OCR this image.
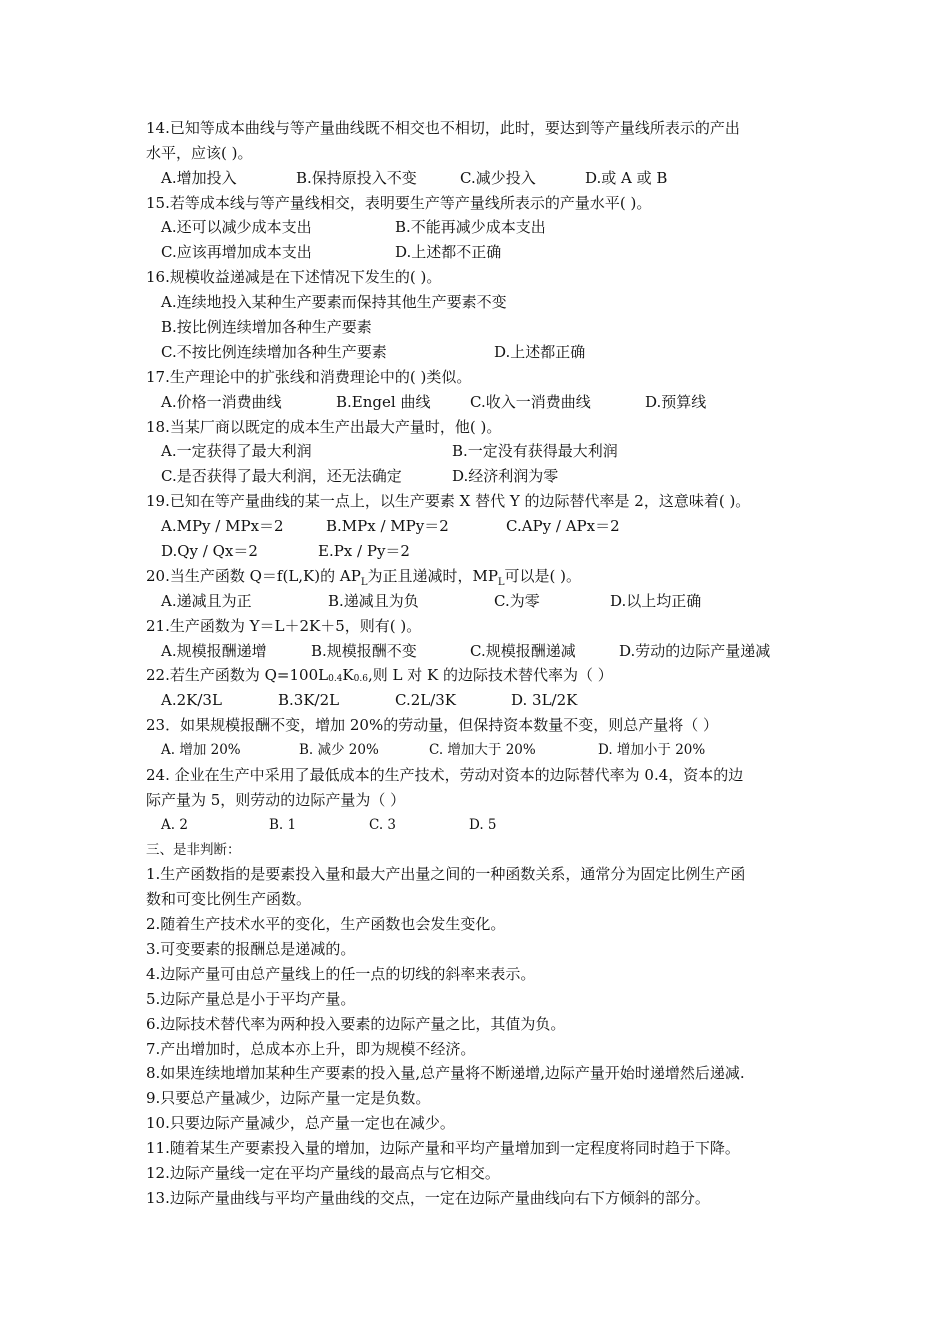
14.已知等成本曲线与等产量曲线既不相交也不相切，此时，要达到等产量线所表示的产出
水平，应该( )。
A.增加投入	B.保持原投入不变	C.减少投入	D.或 A 或 B
15.若等成本线与等产量线相交，表明要生产等产量线所表示的产量水平( )。
A.还可以减少成本支出	B.不能再减少成本支出
C.应该再增加成本支出	D.上述都不正确
16.规模收益递减是在下述情况下发生的( )。
A.连续地投入某种生产要素而保持其他生产要素不变
B.按比例连续增加各种生产要素
C.不按比例连续增加各种生产要素	D.上述都正确
17.生产理论中的扩张线和消费理论中的( )类似。
A.价格一消费曲线	B.Engel 曲线	C.收入一消费曲线	D.预算线
18.当某厂商以既定的成本生产出最大产量时，他( )。
A.一定获得了最大利润	B.一定没有获得最大利润
C.是否获得了最大利润，还无法确定	D.经济利润为零
19.已知在等产量曲线的某一点上，以生产要素 X 替代 Y 的边际替代率是 2，这意味着( )。
A.MPy / MPx＝2	B.MPx / MPy＝2	C.APy / APx＝2
D.Qy / Qx＝2	E.Px / Py＝2
20.当生产函数 Q＝f(L,K)的 $AP_L$为正且递减时，$MP_L$可以是( )。
A.递减且为正	B.递减且为负	C.为零	D.以上均正确
21.生产函数为 Y＝L＋2K＋5，则有( )。
A.规模报酬递增	B.规模报酬不变	C.规模报酬递减	D.劳动的边际产量递减
22.若生产函数为 Q=100L0.4K0.6,则 L 对 K 的边际技术替代率为（ ）
A.2K/3L	B.3K/2L	C.2L/3K	D. 3L/2K
23．如果规模报酬不变，增加 20%的劳动量，但保持资本数量不变，则总产量将（ ）
A. 增加 20%	B. 减少 20%	C. 增加大于 20%	D. 增加小于 20%
24. 企业在生产中采用了最低成本的生产技术，劳动对资本的边际替代率为 0.4，资本的边
际产量为 5，则劳动的边际产量为（ ）
A. 2	B. 1	C. 3	D. 5
三、是非判断：
1.生产函数指的是要素投入量和最大产出量之间的一种函数关系，通常分为固定比例生产函
数和可变比例生产函数。
2.随着生产技术水平的变化，生产函数也会发生变化。
3.可变要素的报酬总是递减的。
4.边际产量可由总产量线上的任一点的切线的斜率来表示。
5.边际产量总是小于平均产量。
6.边际技术替代率为两种投入要素的边际产量之比，其值为负。
7.产出增加时，总成本亦上升，即为规模不经济。
8.如果连续地增加某种生产要素的投入量,总产量将不断递增,边际产量开始时递增然后递减.
9.只要总产量减少，边际产量一定是负数。
10.只要边际产量减少，总产量一定也在减少。
11.随着某生产要素投入量的增加，边际产量和平均产量增加到一定程度将同时趋于下降。
12.边际产量线一定在平均产量线的最高点与它相交。
13.边际产量曲线与平均产量曲线的交点，一定在边际产量曲线向右下方倾斜的部分。
